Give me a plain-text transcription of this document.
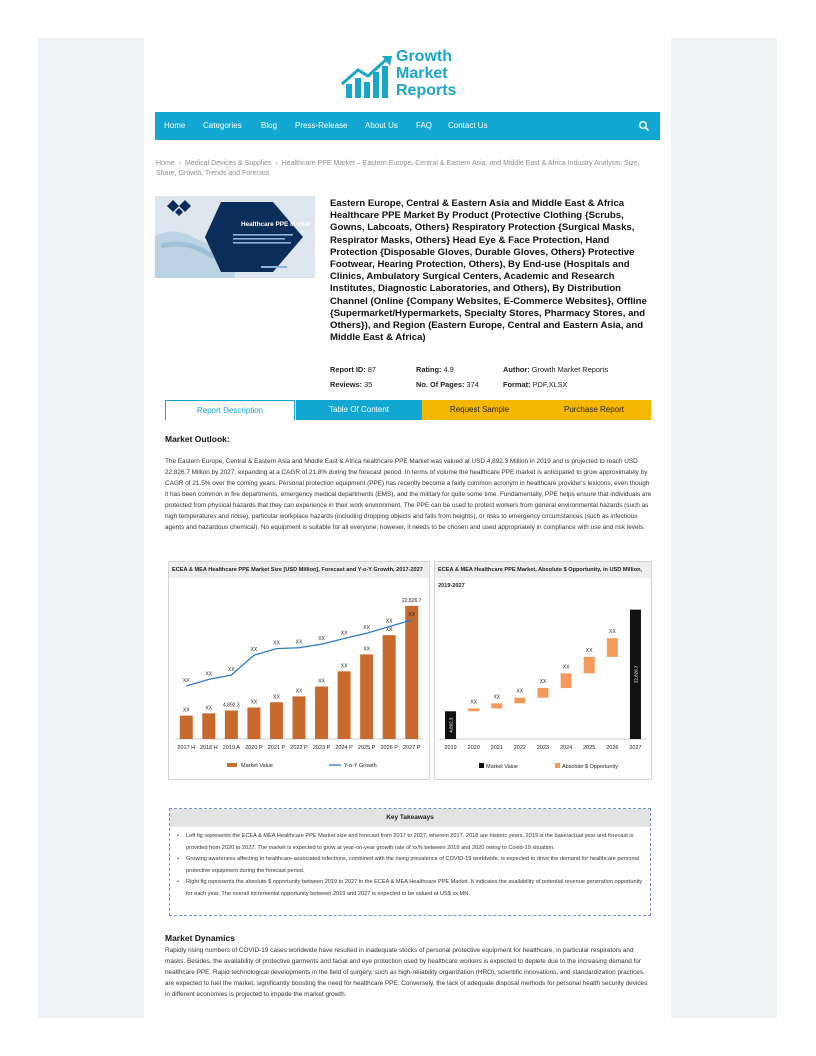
Growth
Market
Reports
Home Categories Blog Press-Release About Us FAQ Contact Us
Home › Medical Devices & Supplies › Healthcare PPE Market – Eastern Europe, Central & Eastern Asia, and Middle East & Africa Industry Analysis, Size, Share, Growth, Trends and Forecast
Healthcare PPE Market
Eastern Europe, Central & Eastern Asia and Middle East & Africa Healthcare PPE Market By Product (Protective Clothing {Scrubs, Gowns, Labcoats, Others} Respiratory Protection {Surgical Masks, Respirator Masks, Others} Head Eye & Face Protection, Hand Protection {Disposable Gloves, Durable Gloves, Others} Protective Footwear, Hearing Protection, Others), By End-use (Hospitals and Clinics, Ambulatory Surgical Centers, Academic and Research Institutes, Diagnostic Laboratories, and Others), By Distribution Channel (Online {Company Websites, E-Commerce Websites}, Offline {Supermarket/Hypermarkets, Specialty Stores, Pharmacy Stores, and Others}), and Region (Eastern Europe, Central and Eastern Asia, and Middle East & Africa)
Report ID: 87	Rating: 4.9	Author: Growth Market Reports
Reviews: 35	No. Of Pages: 374	Format: PDF,XLSX
Report Description	Table Of Content	Request Sample	Purchase Report
Market Outlook:

The Eastern Europe, Central & Eastern Asia and Middle East & Africa healthcare PPE Market was valued at USD 4,892.3 Million in 2019 and is projected to reach USD 22,826.7 Million by 2027, expanding at a CAGR of 21.8% during the forecast period. In terms of volume the healthcare PPE market is anticipated to grow approximately by CAGR of 21.5% over the coming years. Personal protection equipment (PPE) has recently become a fairly common acronym in healthcare provider's lexicons, even though it has been common in fire departments, emergency medical departments (EMS), and the military for quite some time. Fundamentally, PPE helps ensure that individuals are protected from physical hazards that they can experience in their work environment. The PPE can be used to protect workers from general environmental hazards (such as high temperatures and noise), particular workplace hazards (including dropping objects and falls from heights), or risks to emergency circumstances (such as infectious agents and hazardous chemical). No equipment is suitable for all everyone; however, it needs to be chosen and used appropriately in compliance with use and risk levels.

ECEA & MEA Healthcare PPE Market Size [USD Million], Forecast and Y-o-Y Growth, 2017-2027
XX
2017 H
XX
2018 H
4,892.3
2019 A
XX
2020 P
XX
2021 P
XX
2022 P
XX
2023 P
XX
2024 P
XX
2025 P
XX
2026 P
22,826.7
2027 P
XX
XX
XX
XX
XX	XX
XX
XX
XX
XX
XX
Market Value	Y-o-Y Growth
ECEA & MEA Healthcare PPE Market, Absolute $ Opportunity, in USD Million, 2019-2027
2019
4,892.3
2020
XX
2021
XX
2022
XX
2023
XX
2024
XX
2025
XX
2026
XX
2027
22,826.7
Market Value	Absolute $ Opportunity
Key Takeaways
• Left fig represents the ECEA & MEA Healthcare PPE Market size and forecast from 2017 to 2027, wherein 2017, 2018 are historic years, 2019 is the base/actual year and forecast is provided from 2020 to 2027. The market is expected to grow at year-on-year growth rate of xx% between 2019 and 2020 owing to Covid-19 situation.
• Growing awareness affecting to healthcare-associated infections, combined with the rising prevalence of COVID-19 worldwide, is expected to drive the demand for healthcare personal protective equipment during the forecast period.
• Right fig represents the absolute $ opportunity between 2019 to 2027 in the ECEA & MEA Healthcare PPE Market. It indicates the availability of potential revenue generation opportunity for each year. The overall incremental opportunity between 2019 and 2027 is expected to be valued at US$ xx MN.
Market Dynamics

Rapidly rising numbers of COVID-19 cases worldwide have resulted in inadequate stocks of personal protective equipment for healthcare, in particular respirators and masks. Besides, the availability of protective garments and facial and eye protection used by healthcare workers is expected to deplete due to the increasing demand for healthcare PPE. Rapid technological developments in the field of surgery, such as high-reliability organization (HRO), scientific innovations, and standardization practices, are expected to fuel the market, significantly boosting the need for healthcare PPE. Conversely, the lack of adequate disposal methods for personal health security devices in different economies is projected to impede the market growth.
